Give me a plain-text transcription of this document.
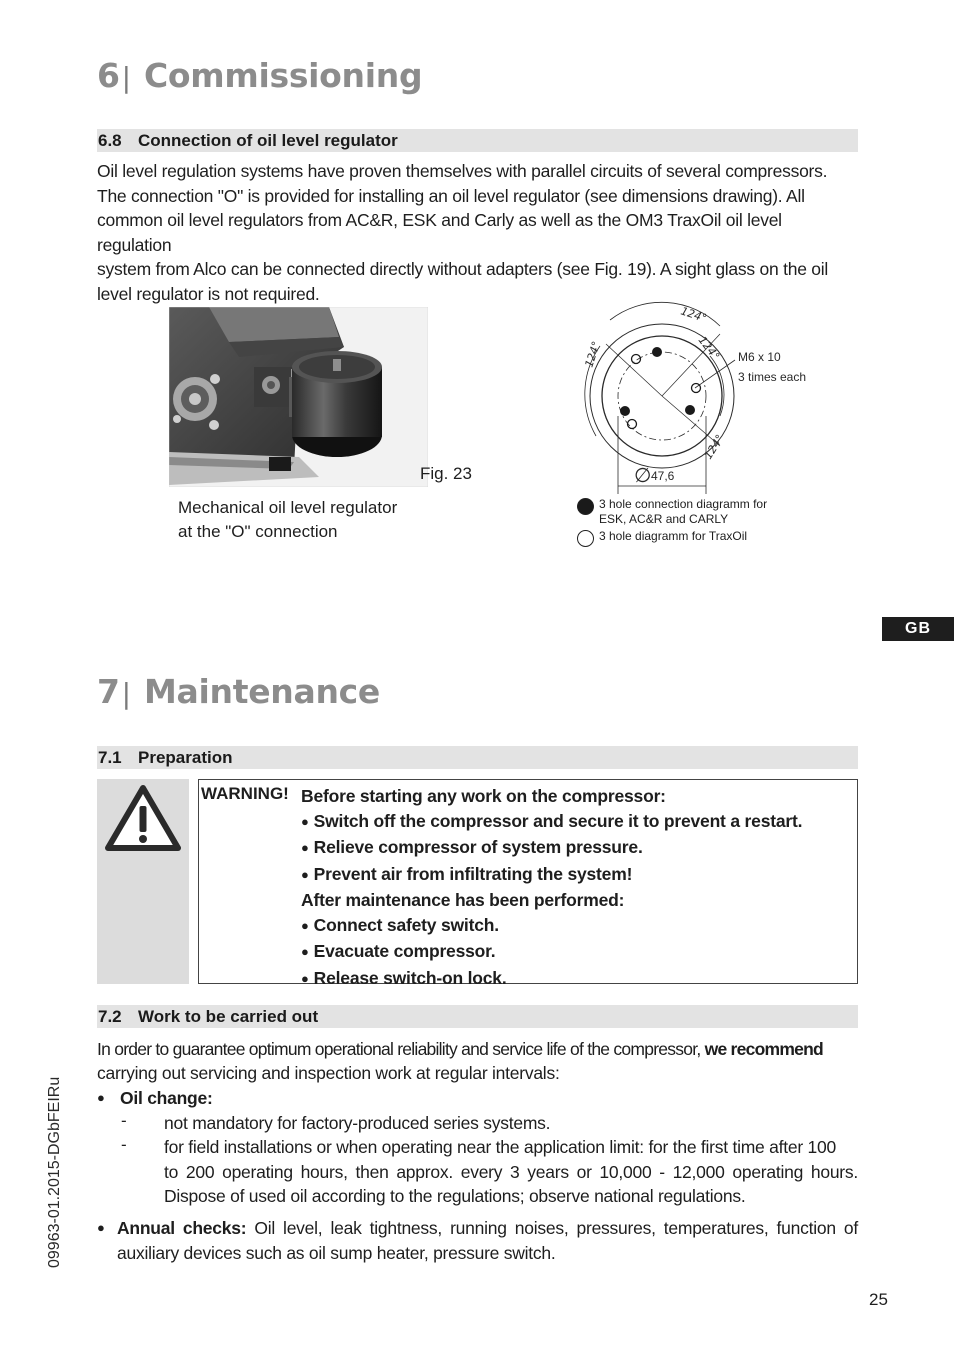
6| Commissioning
6.8 Connection of oil level regulator
Oil level regulation systems have proven themselves with parallel circuits of several compressors.
The connection "O" is provided for installing an oil level regulator (see dimensions drawing). All
common oil level regulators from AC&R, ESK and Carly as well as the OM3 TraxOil oil level regulation
system from Alco can be connected directly without adapters (see Fig. 19). A sight glass on the oil
level regulator is not required.
Fig. 23
Mechanical oil level regulator
at the "O" connection
124°
124°
124°
124°
M6 x 10
3 times each
∅ 47,6
3 hole connection diagramm for
ESK, AC&R and CARLY
3 hole diagramm for TraxOil
GB
7| Maintenance
7.1 Preparation
WARNING! Before starting any work on the compressor:
● Switch off the compressor and secure it to prevent a restart.
● Relieve compressor of system pressure.
● Prevent air from infiltrating the system!
After maintenance has been performed:
● Connect safety switch.
● Evacuate compressor.
● Release switch-on lock.
7.2 Work to be carried out
In order to guarantee optimum operational reliability and service life of the compressor, we recommend
carrying out servicing and inspection work at regular intervals:
● Oil change:
- not mandatory for factory-produced series systems.
- for field installations or when operating near the application limit: for the first time after 100
to 200 operating hours, then approx. every 3 years or 10,000 - 12,000 operating hours.
Dispose of used oil according to the regulations; observe national regulations.
● Annual checks: Oil level, leak tightness, running noises, pressures, temperatures, function of
auxiliary devices such as oil sump heater, pressure switch.
09963-01.2015-DGbFEIRu
25
